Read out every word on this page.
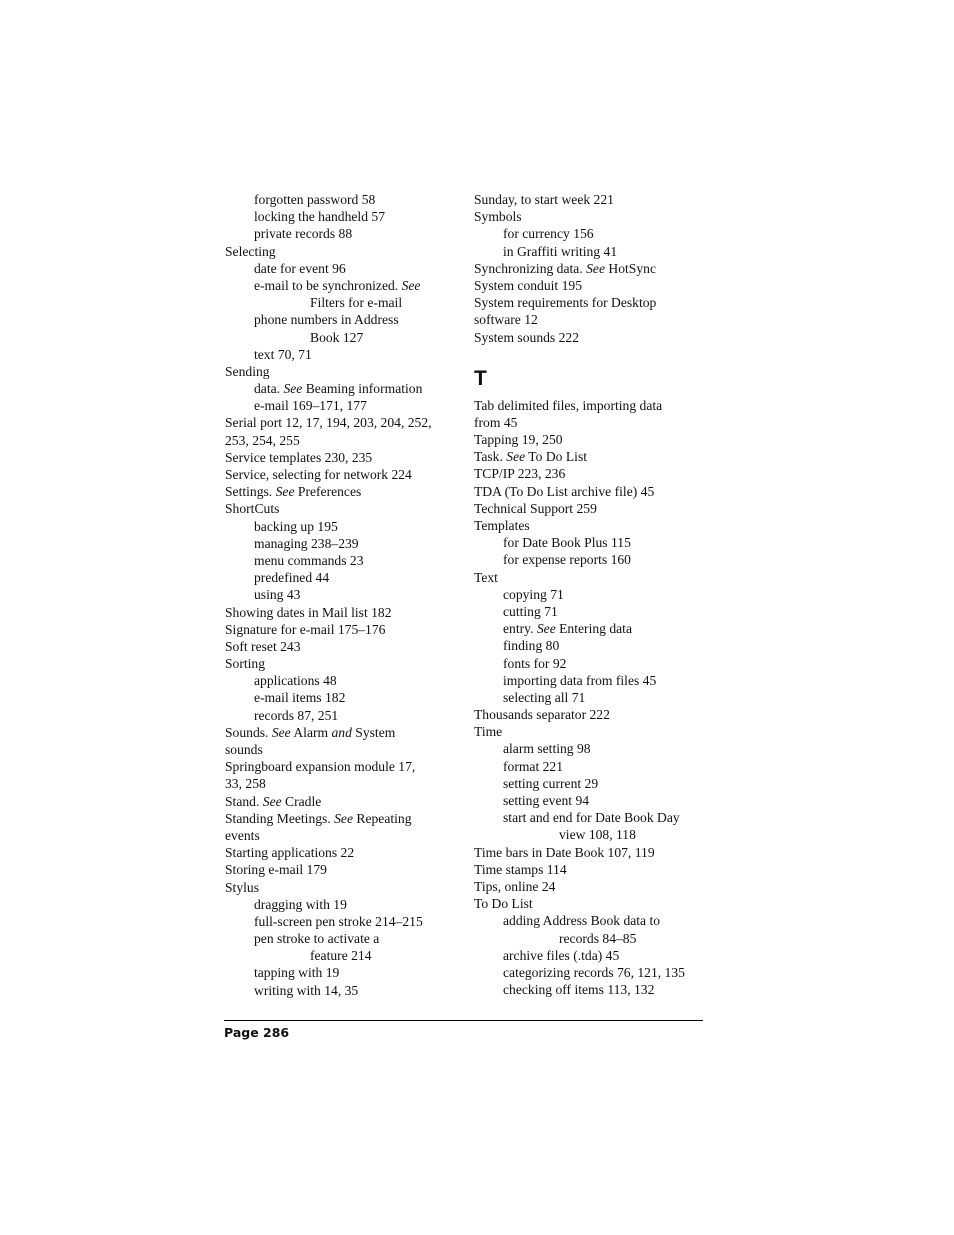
forgotten password 58
locking the handheld 57
private records 88
Selecting
date for event 96
e-mail to be synchronized. See
Filters for e-mail
phone numbers in Address
Book 127
text 70, 71
Sending
data. See Beaming information
e-mail 169–171, 177
Serial port 12, 17, 194, 203, 204, 252,
253, 254, 255
Service templates 230, 235
Service, selecting for network 224
Settings. See Preferences
ShortCuts
backing up 195
managing 238–239
menu commands 23
predefined 44
using 43
Showing dates in Mail list 182
Signature for e-mail 175–176
Soft reset 243
Sorting
applications 48
e-mail items 182
records 87, 251
Sounds. See Alarm and System
sounds
Springboard expansion module 17,
33, 258
Stand. See Cradle
Standing Meetings. See Repeating
events
Starting applications 22
Storing e-mail 179
Stylus
dragging with 19
full-screen pen stroke 214–215
pen stroke to activate a
feature 214
tapping with 19
writing with 14, 35
Sunday, to start week 221
Symbols
for currency 156
in Graffiti writing 41
Synchronizing data. See HotSync
System conduit 195
System requirements for Desktop
software 12
System sounds 222
T
Tab delimited files, importing data
from 45
Tapping 19, 250
Task. See To Do List
TCP/IP 223, 236
TDA (To Do List archive file) 45
Technical Support 259
Templates
for Date Book Plus 115
for expense reports 160
Text
copying 71
cutting 71
entry. See Entering data
finding 80
fonts for 92
importing data from files 45
selecting all 71
Thousands separator 222
Time
alarm setting 98
format 221
setting current 29
setting event 94
start and end for Date Book Day
view 108, 118
Time bars in Date Book 107, 119
Time stamps 114
Tips, online 24
To Do List
adding Address Book data to
records 84–85
archive files (.tda) 45
categorizing records 76, 121, 135
checking off items 113, 132
Page 286
